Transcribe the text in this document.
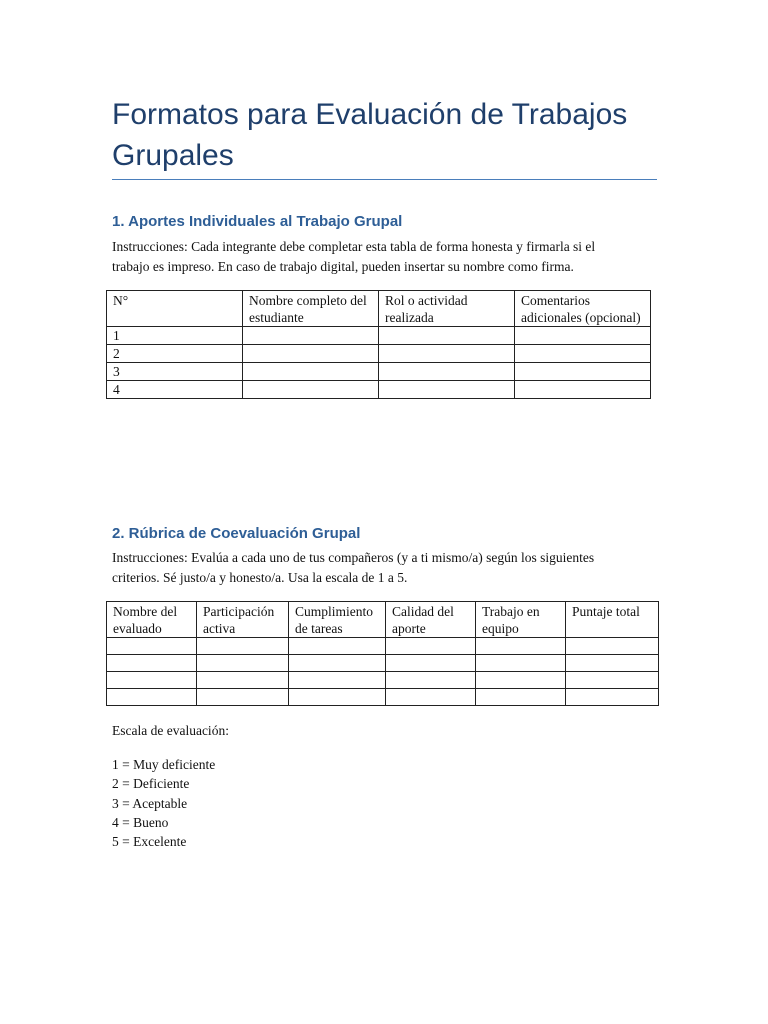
Formatos para Evaluación de Trabajos Grupales
1. Aportes Individuales al Trabajo Grupal

Instrucciones: Cada integrante debe completar esta tabla de forma honesta y firmarla si el
trabajo es impreso. En caso de trabajo digital, pueden insertar su nombre como firma.

N°	Nombre completo del estudiante	Rol o actividad realizada	Comentarios adicionales (opcional)
1			
2			
3			
4			
2. Rúbrica de Coevaluación Grupal

Instrucciones: Evalúa a cada uno de tus compañeros (y a ti mismo/a) según los siguientes
criterios. Sé justo/a y honesto/a. Usa la escala de 1 a 5.

Nombre del evaluado	Participación activa	Cumplimiento de tareas	Calidad del aporte	Trabajo en equipo	Puntaje total

Escala de evaluación:

1 = Muy deficiente
2 = Deficiente
3 = Aceptable
4 = Bueno
5 = Excelente
